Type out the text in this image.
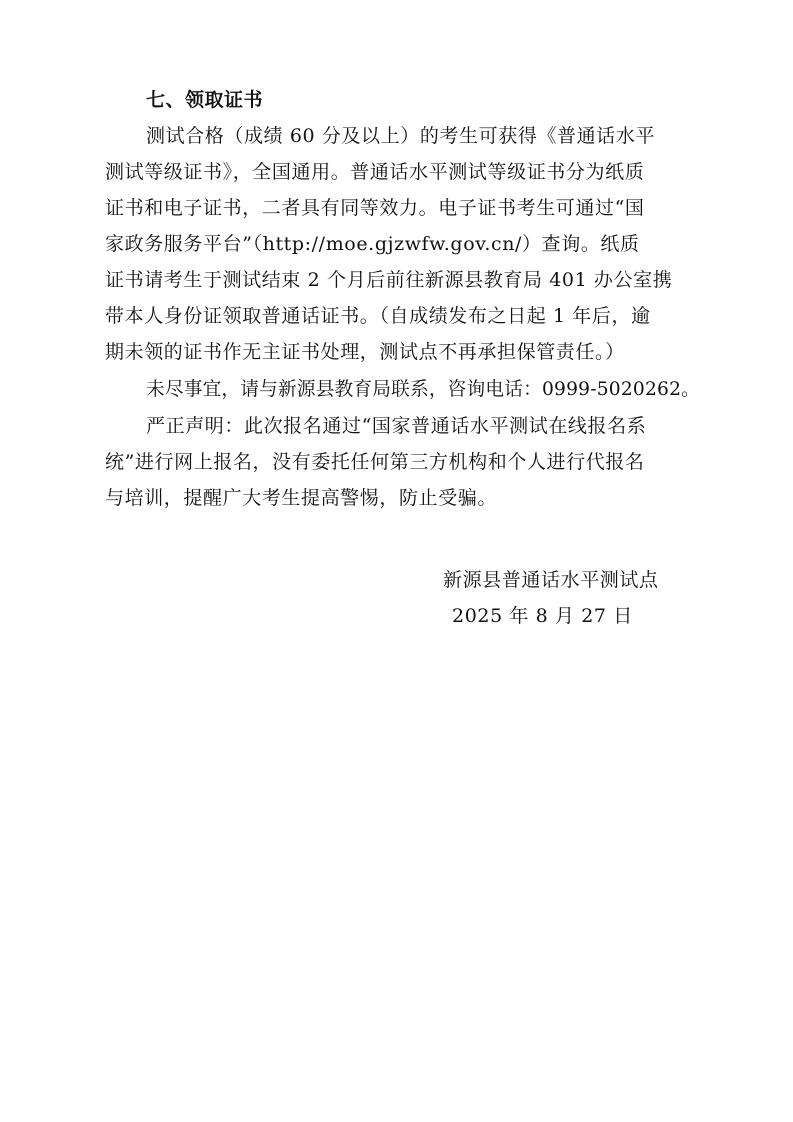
七、领取证书
测试合格（成绩 60 分及以上）的考生可获得《普通话水平
测试等级证书》，全国通用。普通话水平测试等级证书分为纸质
证书和电子证书，二者具有同等效力。电子证书考生可通过“国
家政务服务平台”（http://moe.gjzwfw.gov.cn/）查询。纸质
证书请考生于测试结束 2 个月后前往新源县教育局 401 办公室携
带本人身份证领取普通话证书。（自成绩发布之日起 1 年后，逾
期未领的证书作无主证书处理，测试点不再承担保管责任。）
未尽事宜，请与新源县教育局联系，咨询电话：0999-5020262。
严正声明：此次报名通过“国家普通话水平测试在线报名系
统”进行网上报名，没有委托任何第三方机构和个人进行代报名
与培训，提醒广大考生提高警惕，防止受骗。
新源县普通话水平测试点
2025 年 8 月 27 日
